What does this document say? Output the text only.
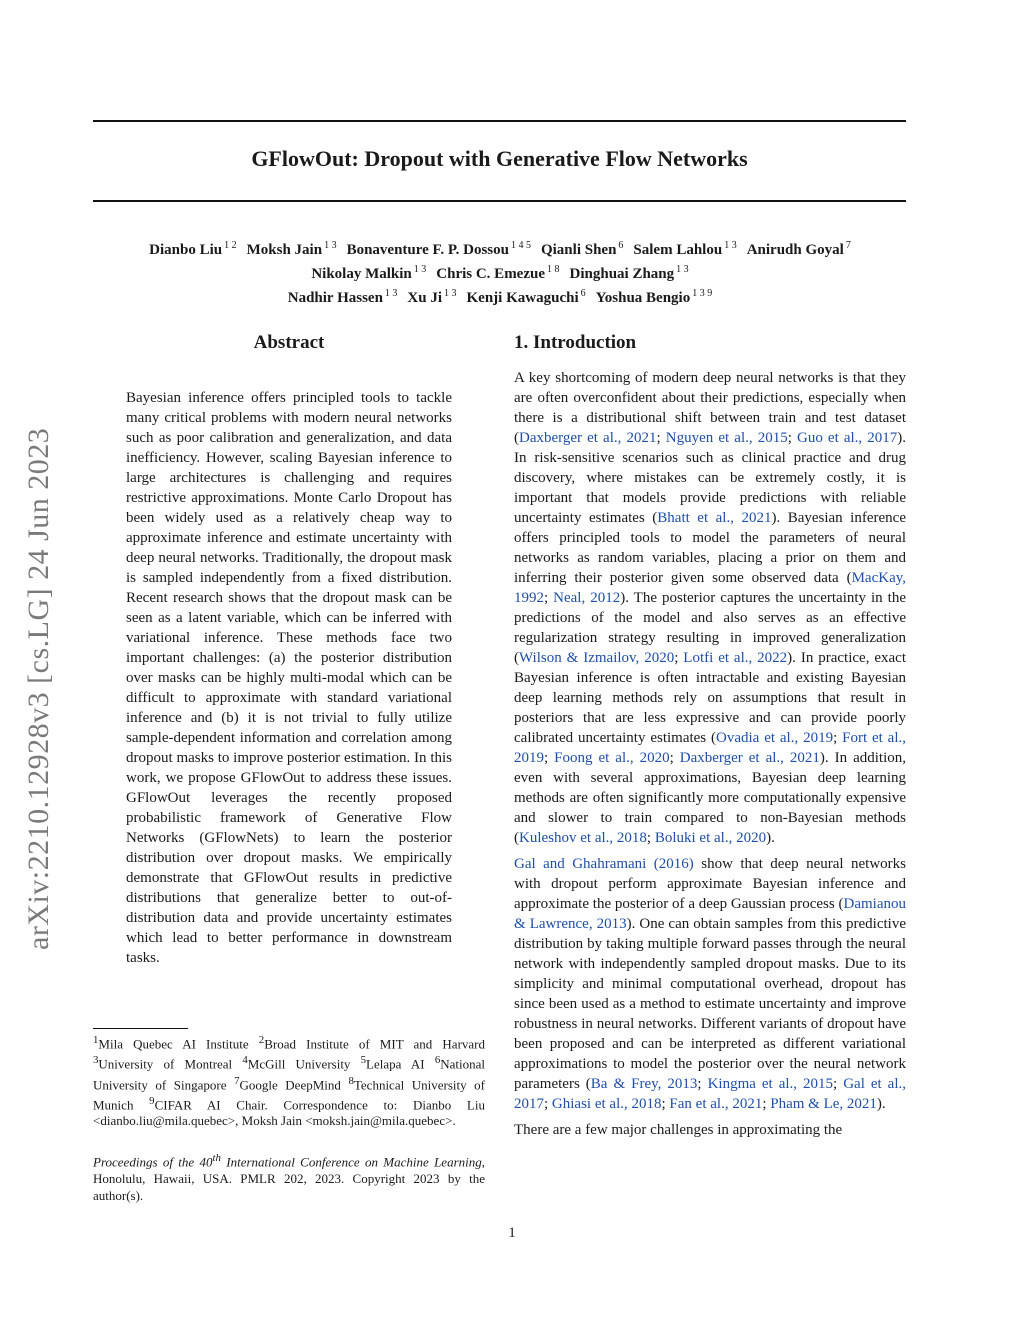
GFlowOut: Dropout with Generative Flow Networks
Dianbo Liu $^{1 2}$ Moksh Jain $^{1 3}$ Bonaventure F. P. Dossou $^{1 4 5}$ Qianli Shen $^6$ Salem Lahlou $^{1 3}$ Anirudh Goyal $^7$
Nikolay Malkin $^{1 3}$ Chris C. Emezue $^{1 8}$ Dinghuai Zhang $^{1 3}$
Nadhir Hassen $^{1 3}$ Xu Ji $^{1 3}$ Kenji Kawaguchi $^6$ Yoshua Bengio $^{1 3 9}$
arXiv:2210.12928v3 [cs.LG] 24 Jun 2023
Abstract
Bayesian inference offers principled tools to tackle many critical problems with modern neural networks such as poor calibration and generalization, and data inefficiency. However, scaling Bayesian inference to large architectures is challenging and requires restrictive approximations. Monte Carlo Dropout has been widely used as a relatively cheap way to approximate inference and estimate uncertainty with deep neural networks. Traditionally, the dropout mask is sampled independently from a fixed distribution. Recent research shows that the dropout mask can be seen as a latent variable, which can be inferred with variational inference. These methods face two important challenges: (a) the posterior distribution over masks can be highly multi-modal which can be difficult to approximate with standard variational inference and (b) it is not trivial to fully utilize sample-dependent information and correlation among dropout masks to improve posterior estimation. In this work, we propose GFlowOut to address these issues. GFlowOut leverages the recently proposed probabilistic framework of Generative Flow Networks (GFlowNets) to learn the posterior distribution over dropout masks. We empirically demonstrate that GFlowOut results in predictive distributions that generalize better to out-of-distribution data and provide uncertainty estimates which lead to better performance in downstream tasks.
$^1$Mila Quebec AI Institute $^2$Broad Institute of MIT and Harvard $^3$University of Montreal $^4$McGill University $^5$Lelapa AI $^6$National University of Singapore $^7$Google DeepMind $^8$Technical University of Munich $^9$CIFAR AI Chair. Correspondence to: Dianbo Liu <dianbo.liu@mila.quebec>, Moksh Jain <moksh.jain@mila.quebec>.
Proceedings of the 40th International Conference on Machine Learning, Honolulu, Hawaii, USA. PMLR 202, 2023. Copyright 2023 by the author(s).
1. Introduction

A key shortcoming of modern deep neural networks is that they are often overconfident about their predictions, especially when there is a distributional shift between train and test dataset (Daxberger et al., 2021; Nguyen et al., 2015; Guo et al., 2017). In risk-sensitive scenarios such as clinical practice and drug discovery, where mistakes can be extremely costly, it is important that models provide predictions with reliable uncertainty estimates (Bhatt et al., 2021). Bayesian inference offers principled tools to model the parameters of neural networks as random variables, placing a prior on them and inferring their posterior given some observed data (MacKay, 1992; Neal, 2012). The posterior captures the uncertainty in the predictions of the model and also serves as an effective regularization strategy resulting in improved generalization (Wilson & Izmailov, 2020; Lotfi et al., 2022). In practice, exact Bayesian inference is often intractable and existing Bayesian deep learning methods rely on assumptions that result in posteriors that are less expressive and can provide poorly calibrated uncertainty estimates (Ovadia et al., 2019; Fort et al., 2019; Foong et al., 2020; Daxberger et al., 2021). In addition, even with several approximations, Bayesian deep learning methods are often significantly more computationally expensive and slower to train compared to non-Bayesian methods (Kuleshov et al., 2018; Boluki et al., 2020).

Gal and Ghahramani (2016) show that deep neural networks with dropout perform approximate Bayesian inference and approximate the posterior of a deep Gaussian process (Damianou & Lawrence, 2013). One can obtain samples from this predictive distribution by taking multiple forward passes through the neural network with independently sampled dropout masks. Due to its simplicity and minimal computational overhead, dropout has since been used as a method to estimate uncertainty and improve robustness in neural networks. Different variants of dropout have been proposed and can be interpreted as different variational approximations to model the posterior over the neural network parameters (Ba & Frey, 2013; Kingma et al., 2015; Gal et al., 2017; Ghiasi et al., 2018; Fan et al., 2021; Pham & Le, 2021).

There are a few major challenges in approximating the

1
